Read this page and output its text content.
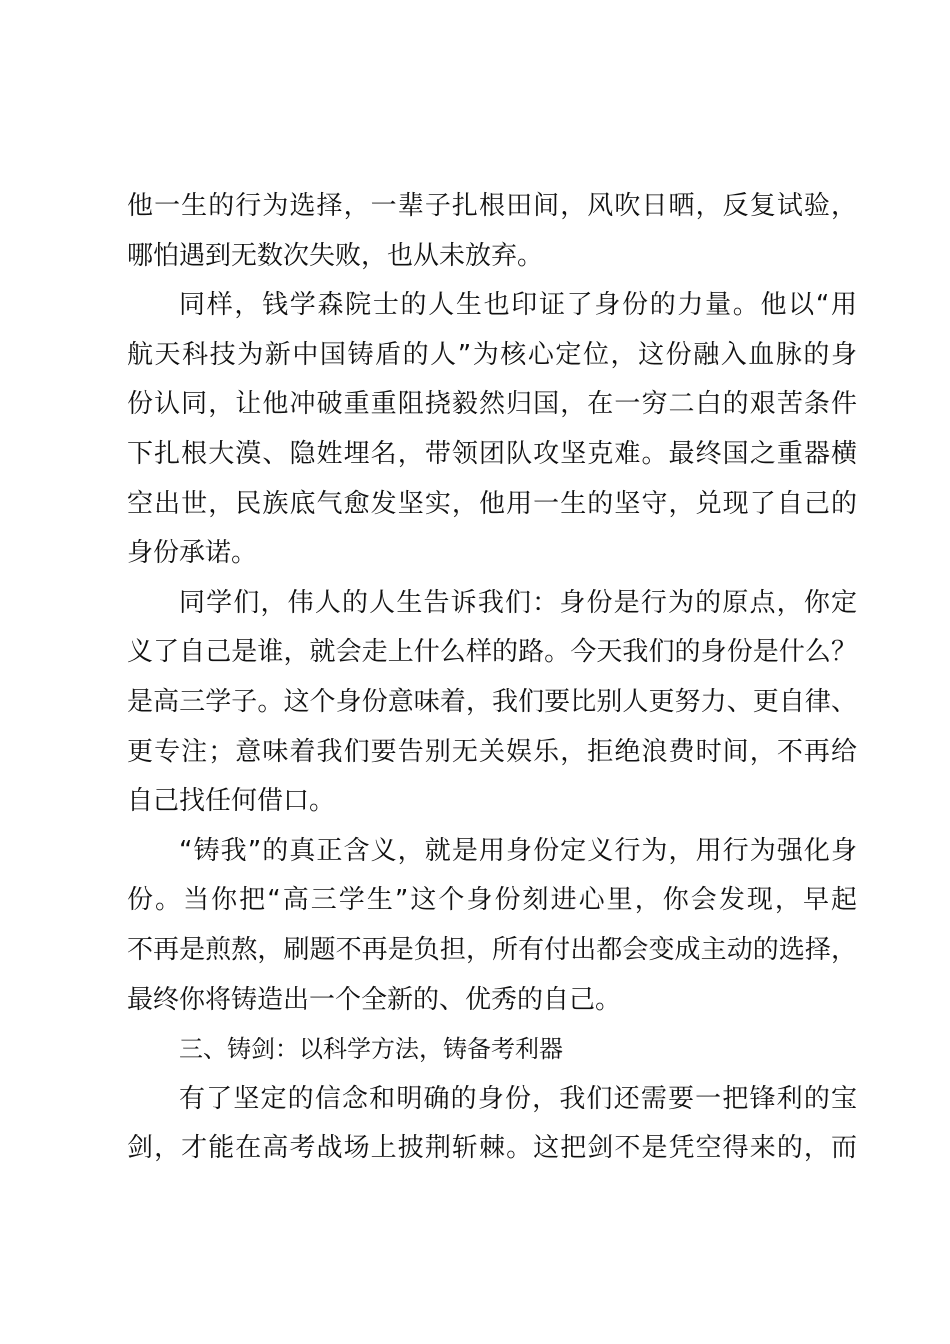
他一生的行为选择，一辈子扎根田间，风吹日晒，反复试验，
哪怕遇到无数次失败，也从未放弃。
同样，钱学森院士的人生也印证了身份的力量。他以“用
航天科技为新中国铸盾的人”为核心定位，这份融入血脉的身
份认同，让他冲破重重阻挠毅然归国，在一穷二白的艰苦条件
下扎根大漠、隐姓埋名，带领团队攻坚克难。最终国之重器横
空出世，民族底气愈发坚实，他用一生的坚守，兑现了自己的
身份承诺。
同学们，伟人的人生告诉我们：身份是行为的原点，你定
义了自己是谁，就会走上什么样的路。今天我们的身份是什么？
是高三学子。这个身份意味着，我们要比别人更努力、更自律、
更专注；意味着我们要告别无关娱乐，拒绝浪费时间，不再给
自己找任何借口。
“铸我”的真正含义，就是用身份定义行为，用行为强化身
份。当你把“高三学生”这个身份刻进心里，你会发现，早起
不再是煎熬，刷题不再是负担，所有付出都会变成主动的选择，
最终你将铸造出一个全新的、优秀的自己。
三、铸剑：以科学方法，铸备考利器
有了坚定的信念和明确的身份，我们还需要一把锋利的宝
剑，才能在高考战场上披荆斩棘。这把剑不是凭空得来的，而
